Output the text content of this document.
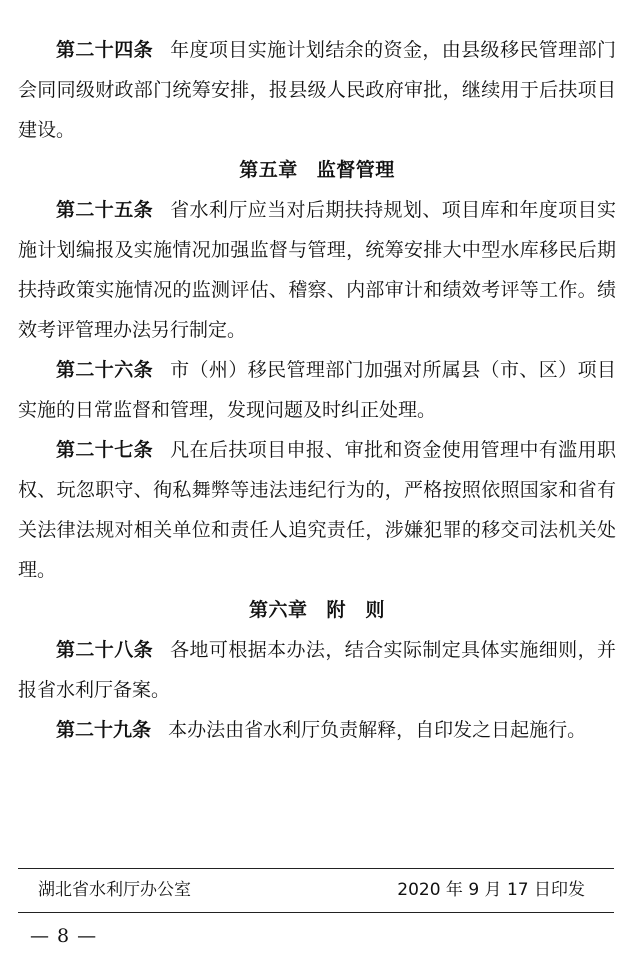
第二十四条 年度项目实施计划结余的资金，由县级移民管理部门会同同级财政部门统筹安排，报县级人民政府审批，继续用于后扶项目建设。

第五章 监督管理

第二十五条 省水利厅应当对后期扶持规划、项目库和年度项目实施计划编报及实施情况加强监督与管理，统筹安排大中型水库移民后期扶持政策实施情况的监测评估、稽察、内部审计和绩效考评等工作。绩效考评管理办法另行制定。

第二十六条 市（州）移民管理部门加强对所属县（市、区）项目实施的日常监督和管理，发现问题及时纠正处理。

第二十七条 凡在后扶项目申报、审批和资金使用管理中有滥用职权、玩忽职守、徇私舞弊等违法违纪行为的，严格按照依照国家和省有关法律法规对相关单位和责任人追究责任，涉嫌犯罪的移交司法机关处理。

第六章 附　则

第二十八条 各地可根据本办法，结合实际制定具体实施细则，并报省水利厅备案。

第二十九条 本办法由省水利厅负责解释，自印发之日起施行。

湖北省水利厅办公室	2020 年 9 月 17 日印发
— 8 —
